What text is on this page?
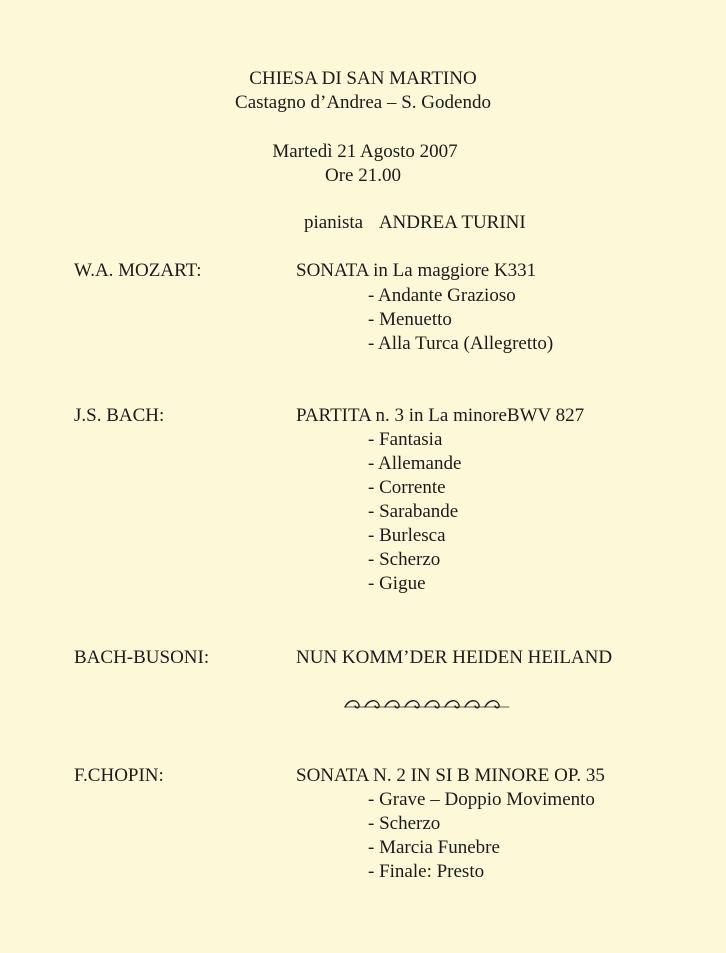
CHIESA DI SAN MARTINO
Castagno d’Andrea – S. Godendo
Martedì 21 Agosto 2007
Ore 21.00
pianista ANDREA TURINI
W.A. MOZART:	SONATA in La maggiore K331
- Andante Grazioso
- Menuetto
- Alla Turca (Allegretto)
J.S. BACH:	PARTITA n. 3 in La minoreBWV 827
- Fantasia
- Allemande
- Corrente
- Sarabande
- Burlesca
- Scherzo
- Gigue
BACH-BUSONI:	NUN KOMM’DER HEIDEN HEILAND
F.CHOPIN:	SONATA N. 2 IN SI B MINORE OP. 35
- Grave – Doppio Movimento
- Scherzo
- Marcia Funebre
- Finale: Presto
